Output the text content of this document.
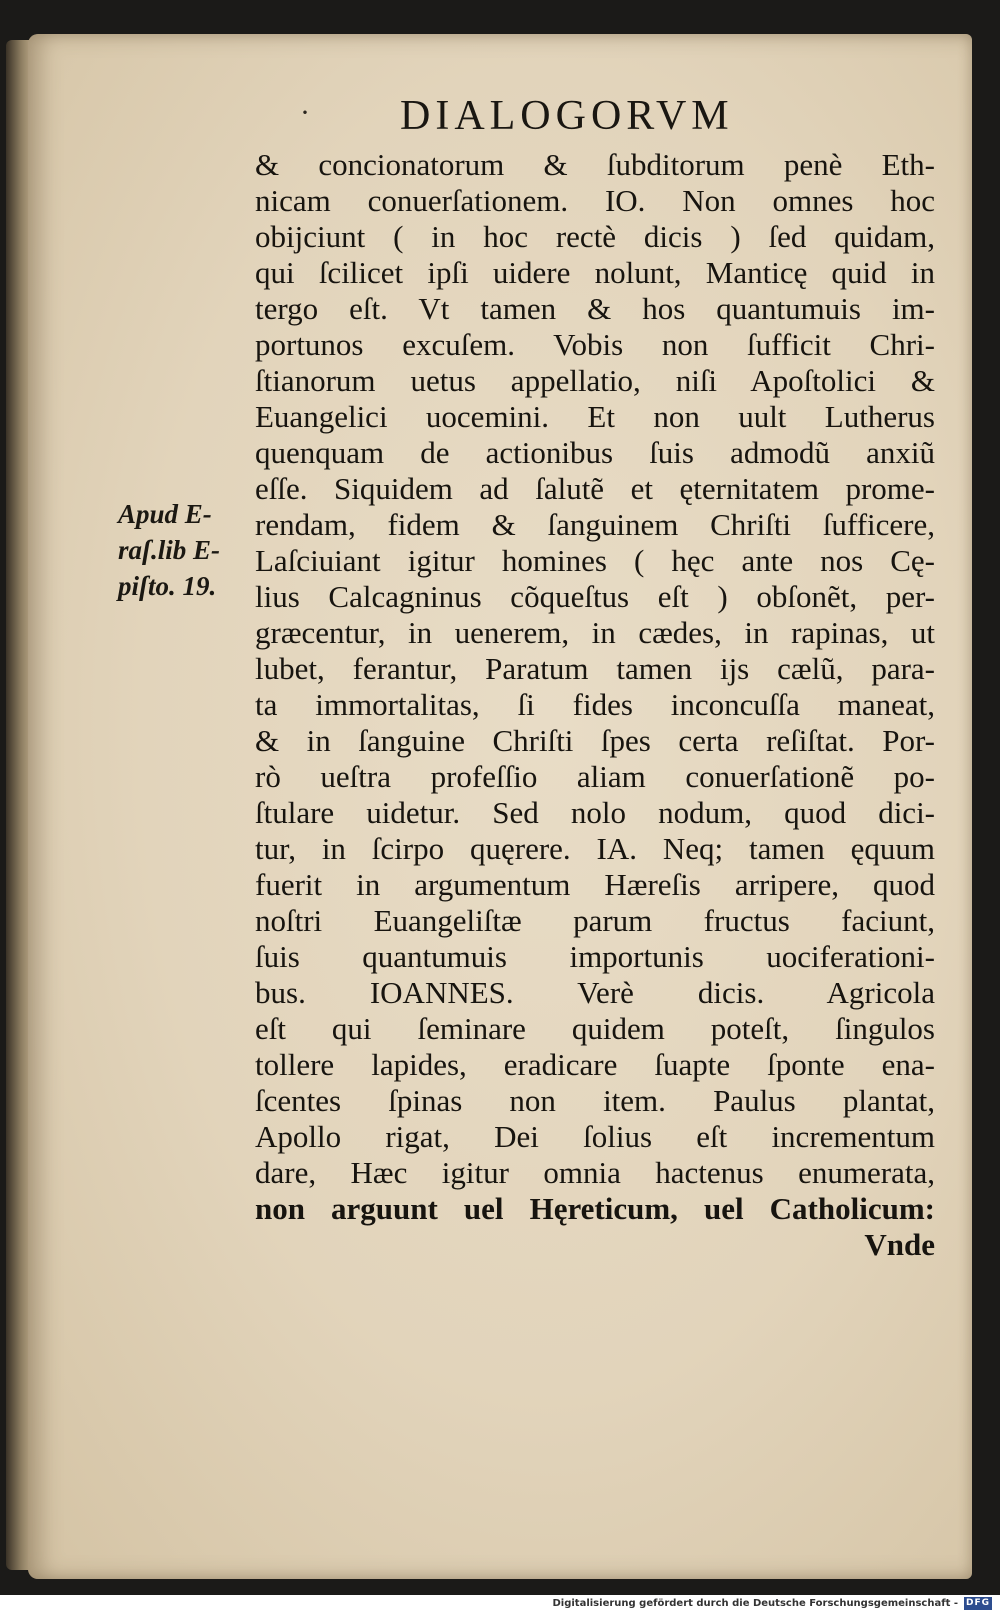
· DIALOGORVM
Apud E-
raſ.lib E-
piſto. 19.
& concionatorum & ſubditorum penè Eth-
nicam conuerſationem. IO. Non omnes hoc
obijciunt ( in hoc rectè dicis ) ſed quidam,
qui ſcilicet ipſi uidere nolunt, Manticę quid in
tergo eſt. Vt tamen & hos quantumuis im-
portunos excuſem. Vobis non ſufficit Chri-
ſtianorum uetus appellatio, niſi Apoſtolici &
Euangelici uocemini. Et non uult Lutherus
quenquam de actionibus ſuis admodũ anxiũ
eſſe. Siquidem ad ſalutẽ et ęternitatem prome-
rendam, fidem & ſanguinem Chriſti ſufficere,
Laſciuiant igitur homines ( hęc ante nos Cę-
lius Calcagninus cõqueſtus eſt ) obſonẽt, per-
græcentur, in uenerem, in cædes, in rapinas, ut
lubet, ferantur, Paratum tamen ijs cælũ, para-
ta immortalitas, ſi fides inconcuſſa maneat,
& in ſanguine Chriſti ſpes certa reſiſtat. Por-
rò ueſtra profeſſio aliam conuerſationẽ po-
ſtulare uidetur. Sed nolo nodum, quod dici-
tur, in ſcirpo quęrere. IA. Neq; tamen ęquum
fuerit in argumentum Hæreſis arripere, quod
noſtri Euangeliſtæ parum fructus faciunt,
ſuis quantumuis importunis uociferationi-
bus. IOANNES. Verè dicis. Agricola
eſt qui ſeminare quidem poteſt, ſingulos
tollere lapides, eradicare ſuapte ſponte ena-
ſcentes ſpinas non item. Paulus plantat,
Apollo rigat, Dei ſolius eſt incrementum
dare, Hæc igitur omnia hactenus enumerata,
non arguunt uel Hęreticum, uel Catholicum:
Vnde
Digitalisierung gefördert durch die Deutsche Forschungsgemeinschaft - DFG
